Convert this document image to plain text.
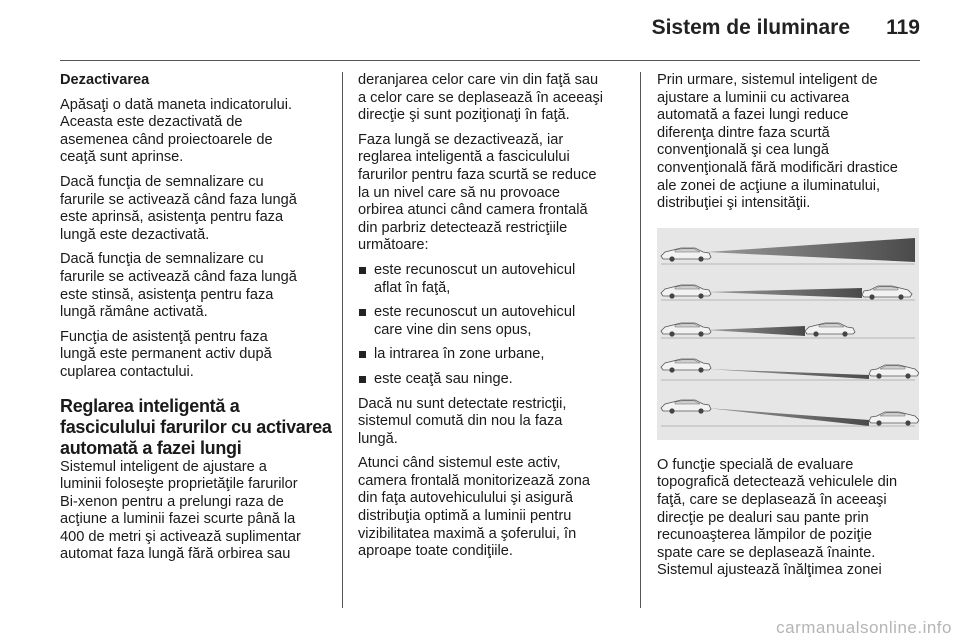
Sistem de iluminare 119

Dezactivarea

Apăsaţi o dată maneta indicatorului.
Aceasta este dezactivată de
asemenea când proiectoarele de
ceaţă sunt aprinse.

Dacă funcţia de semnalizare cu
farurile se activează când faza lungă
este aprinsă, asistenţa pentru faza
lungă este dezactivată.

Dacă funcţia de semnalizare cu
farurile se activează când faza lungă
este stinsă, asistenţa pentru faza
lungă rămâne activată.

Funcţia de asistenţă pentru faza
lungă este permanent activ după
cuplarea contactului.

Reglarea inteligentă a
fasciculului farurilor cu activarea
automată a fazei lungi

Sistemul inteligent de ajustare a
luminii foloseşte proprietăţile farurilor
Bi-xenon pentru a prelungi raza de
acţiune a luminii fazei scurte până la
400 de metri şi activează suplimentar
automat faza lungă fără orbirea sau

deranjarea celor care vin din faţă sau
a celor care se deplasează în aceeaşi
direcţie şi sunt poziţionaţi în faţă.

Faza lungă se dezactivează, iar
reglarea inteligentă a fasciculului
farurilor pentru faza scurtă se reduce
la un nivel care să nu provoace
orbirea atunci când camera frontală
din parbriz detectează restricţiile
următoare:

este recunoscut un autovehicul
aflat în faţă,
este recunoscut un autovehicul
care vine din sens opus,
la intrarea în zone urbane,
este ceaţă sau ninge.

Dacă nu sunt detectate restricţii,
sistemul comută din nou la faza
lungă.

Atunci când sistemul este activ,
camera frontală monitorizează zona
din faţa autovehiculului şi asigură
distribuţia optimă a luminii pentru
vizibilitatea maximă a şoferului, în
aproape toate condiţiile.

Prin urmare, sistemul inteligent de
ajustare a luminii cu activarea
automată a fazei lungi reduce
diferenţa dintre faza scurtă
convenţională şi cea lungă
convenţională fără modificări drastice
ale zonei de acţiune a iluminatului,
distribuţiei şi intensităţii.

O funcţie specială de evaluare
topografică detectează vehiculele din
faţă, care se deplasează în aceeaşi
direcţie pe dealuri sau pante prin
recunoaşterea lămpilor de poziţie
spate care se deplasează înainte.
Sistemul ajustează înălţimea zonei

carmanualsonline.info
